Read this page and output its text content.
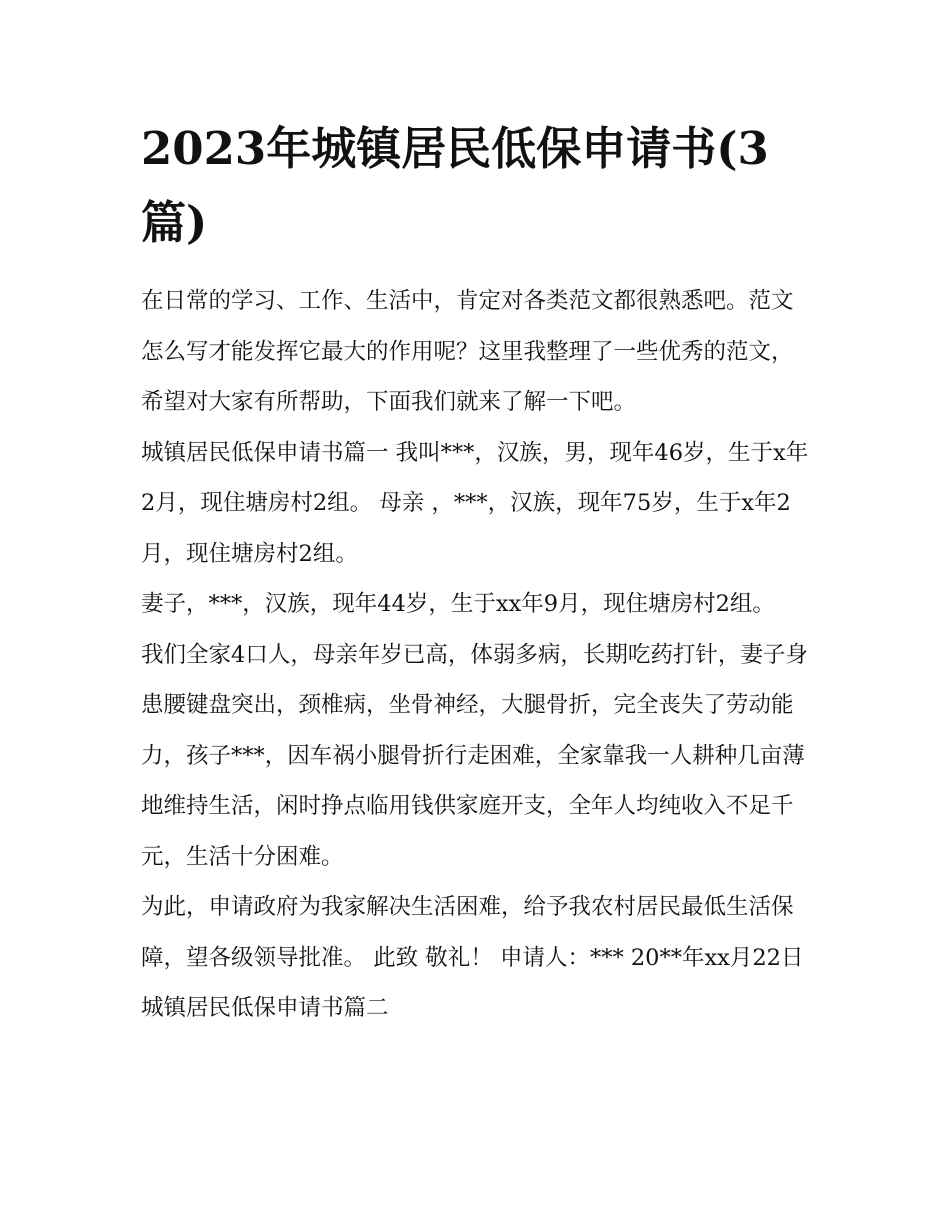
2023年城镇居民低保申请书(3篇)

在日常的学习、工作、生活中，肯定对各类范文都很熟悉吧。范文怎么写才能发挥它最大的作用呢？这里我整理了一些优秀的范文，希望对大家有所帮助，下面我们就来了解一下吧。

城镇居民低保申请书篇一 我叫***，汉族，男，现年46岁，生于x年2月，现住塘房村2组。 母亲 ，***，汉族，现年75岁，生于x年2月，现住塘房村2组。

妻子，***，汉族，现年44岁，生于xx年9月，现住塘房村2组。

我们全家4口人，母亲年岁已高，体弱多病，长期吃药打针，妻子身患腰键盘突出，颈椎病，坐骨神经，大腿骨折，完全丧失了劳动能力，孩子***，因车祸小腿骨折行走困难，全家靠我一人耕种几亩薄地维持生活，闲时挣点临用钱供家庭开支，全年人均纯收入不足千元，生活十分困难。

为此，申请政府为我家解决生活困难，给予我农村居民最低生活保障，望各级领导批准。 此致 敬礼！ 申请人：*** 20**年xx月22日 城镇居民低保申请书篇二
